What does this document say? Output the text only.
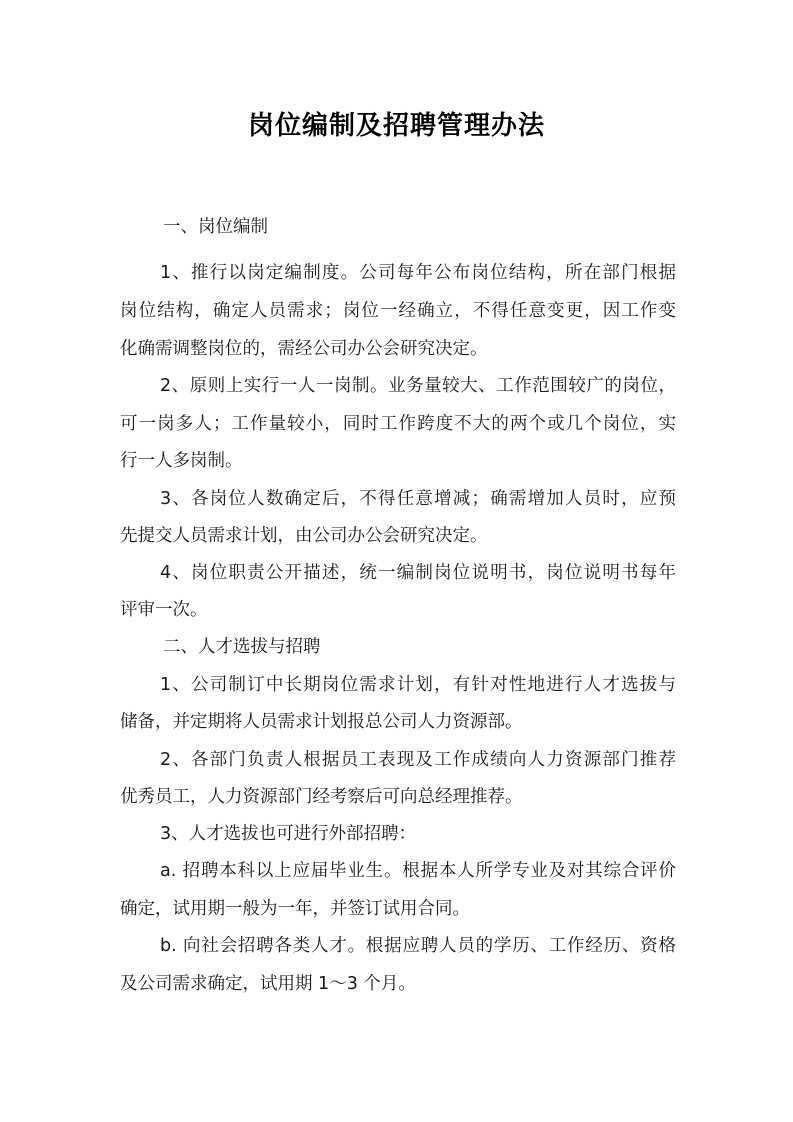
岗位编制及招聘管理办法
一、岗位编制
1、推行以岗定编制度。公司每年公布岗位结构，所在部门根据
岗位结构，确定人员需求；岗位一经确立，不得任意变更，因工作变
化确需调整岗位的，需经公司办公会研究决定。
2、原则上实行一人一岗制。业务量较大、工作范围较广的岗位，
可一岗多人；工作量较小，同时工作跨度不大的两个或几个岗位，实
行一人多岗制。
3、各岗位人数确定后，不得任意增减；确需增加人员时，应预
先提交人员需求计划，由公司办公会研究决定。
4、岗位职责公开描述，统一编制岗位说明书，岗位说明书每年
评审一次。
二、人才选拔与招聘
1、公司制订中长期岗位需求计划，有针对性地进行人才选拔与
储备，并定期将人员需求计划报总公司人力资源部。
2、各部门负责人根据员工表现及工作成绩向人力资源部门推荐
优秀员工，人力资源部门经考察后可向总经理推荐。
3、人才选拔也可进行外部招聘：
a. 招聘本科以上应届毕业生。根据本人所学专业及对其综合评价
确定，试用期一般为一年，并签订试用合同。
b. 向社会招聘各类人才。根据应聘人员的学历、工作经历、资格
及公司需求确定，试用期 1～3 个月。
